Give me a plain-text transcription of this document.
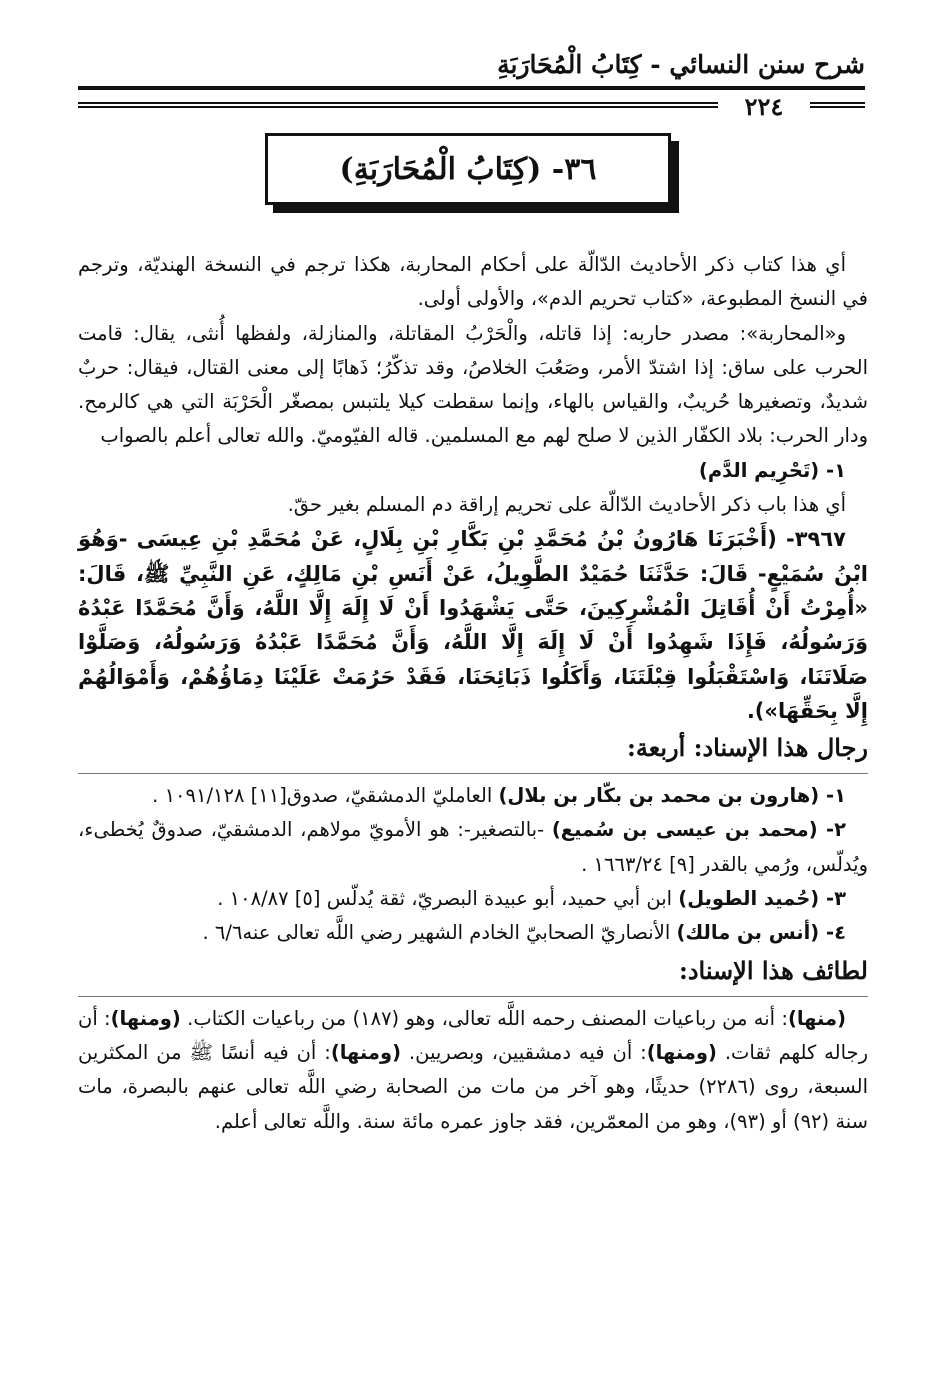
شرح سنن النسائي - كِتَابُ الْمُحَارَبَةِ
٢٢٤
٣٦- (كِتَابُ الْمُحَارَبَةِ)

أي هذا كتاب ذكر الأحاديث الدّالّة على أحكام المحاربة، هكذا ترجم في النسخة الهنديّة، وترجم في النسخ المطبوعة، «كتاب تحريم الدم»، والأولى أولى.

و«المحاربة»: مصدر حاربه: إذا قاتله، والْحَرْبُ المقاتلة، والمنازلة، ولفظها أُنثى، يقال: قامت الحرب على ساق: إذا اشتدّ الأمر، وصَعُبَ الخلاصُ، وقد تذكّرُ؛ ذَهابًا إلى معنى القتال، فيقال: حربٌ شديدٌ، وتصغيرها حُريبٌ، والقياس بالهاء، وإنما سقطت كيلا يلتبس بمصغّر الْحَرْبَة التي هي كالرمح. ودار الحرب: بلاد الكفّار الذين لا صلح لهم مع المسلمين. قاله الفيّوميّ. والله تعالى أعلم بالصواب

١- (تَحْرِيم الدَّم)

أي هذا باب ذكر الأحاديث الدّالّة على تحريم إراقة دم المسلم بغير حقّ.

٣٩٦٧- (أَخْبَرَنَا هَارُونُ بْنُ مُحَمَّدِ بْنِ بَكَّارِ بْنِ بِلَالٍ، عَنْ مُحَمَّدِ بْنِ عِيسَى -وَهُوَ ابْنُ سُمَيْعٍ- قَالَ: حَدَّثَنَا حُمَيْدٌ الطَّوِيلُ، عَنْ أَنَسِ بْنِ مَالِكٍ، عَنِ النَّبِيِّ ﷺ، قَالَ: «أُمِرْتُ أَنْ أُقَاتِلَ الْمُشْرِكِينَ، حَتَّى يَشْهَدُوا أَنْ لَا إِلَهَ إِلَّا اللَّهُ، وَأَنَّ مُحَمَّدًا عَبْدُهُ وَرَسُولُهُ، فَإِذَا شَهِدُوا أَنْ لَا إِلَهَ إِلَّا اللَّهُ، وَأَنَّ مُحَمَّدًا عَبْدُهُ وَرَسُولُهُ، وَصَلَّوْا صَلَاتَنَا، وَاسْتَقْبَلُوا قِبْلَتَنَا، وَأَكَلُوا ذَبَائِحَنَا، فَقَدْ حَرُمَتْ عَلَيْنَا دِمَاؤُهُمْ، وَأَمْوَالُهُمْ إِلَّا بِحَقِّهَا»).

رجال هذا الإسناد: أربعة:

١- (هارون بن محمد بن بكّار بن بلال) العامليّ الدمشقيّ، صدوق[١١] ١٠٩١/١٢٨ .

٢- (محمد بن عيسى بن سُميع) -بالتصغير-: هو الأمويّ مولاهم، الدمشقيّ، صدوقٌ يُخطىء، ويُدلّس، ورُمي بالقدر [٩] ١٦٦٣/٢٤ .

٣- (حُميد الطويل) ابن أبي حميد، أبو عبيدة البصريّ، ثقة يُدلّس [٥] ١٠٨/٨٧ .

٤- (أنس بن مالك) الأنصاريّ الصحابيّ الخادم الشهير رضي اللَّه تعالى عنه٦/٦ .

لطائف هذا الإسناد:

(منها): أنه من رباعيات المصنف رحمه اللَّه تعالى، وهو (١٨٧) من رباعيات الكتاب. (ومنها): أن رجاله كلهم ثقات. (ومنها): أن فيه دمشقيين، وبصريين. (ومنها): أن فيه أنسًا ﷺ من المكثرين السبعة، روى (٢٢٨٦) حديثًا، وهو آخر من مات من الصحابة رضي اللَّه تعالى عنهم بالبصرة، مات سنة (٩٢) أو (٩٣)، وهو من المعمّرين، فقد جاوز عمره مائة سنة. واللَّه تعالى أعلم.
